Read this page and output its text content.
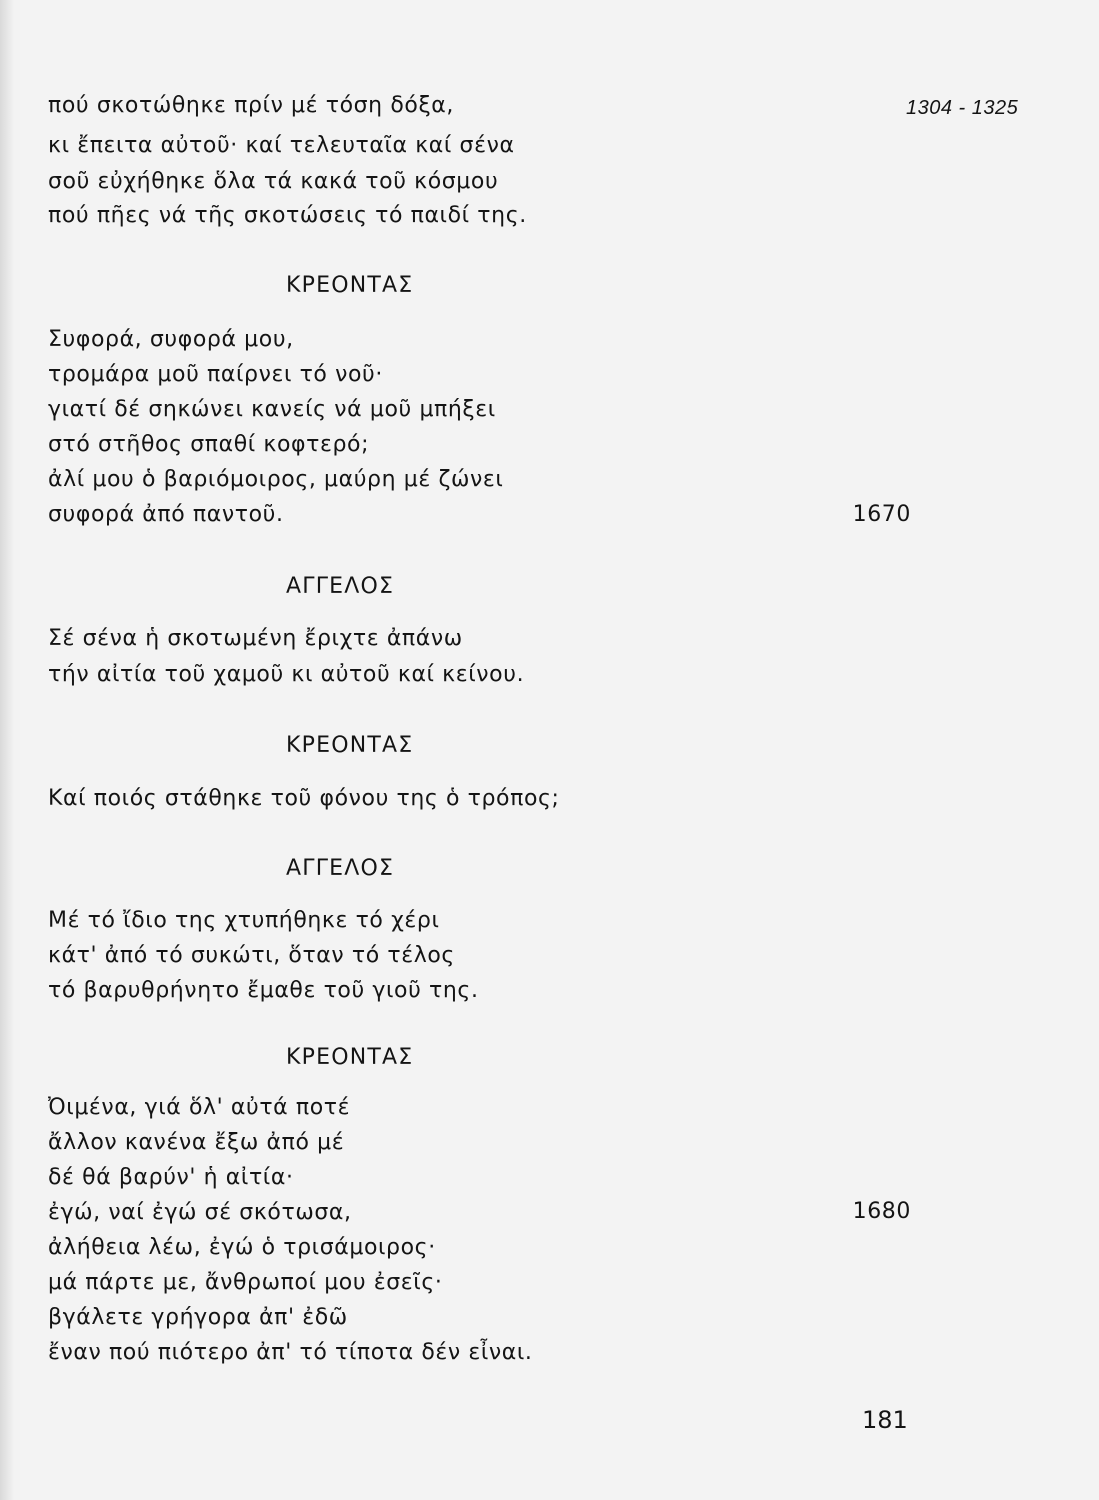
1304 - 1325
πού σκοτώθηκε πρίν μέ τόση δόξα,
κι ἔπειτα αὐτοῦ· καί τελευταῖα καί σένα
σοῦ εὐχήθηκε ὅλα τά κακά τοῦ κόσμου
πού πῆες νά τῆς σκοτώσεις τό παιδί της.
ΚΡΕΟΝΤΑΣ
Συφορά, συφορά μου,
τρομάρα μοῦ παίρνει τό νοῦ·
γιατί δέ σηκώνει κανείς νά μοῦ μπήξει
στό στῆθος σπαθί κοφτερό;
ἀλί μου ὁ βαριόμοιρος, μαύρη μέ ζώνει
συφορά ἀπό παντοῦ.	1670
ΑΓΓΕΛΟΣ
Σέ σένα ἡ σκοτωμένη ἔριχτε ἀπάνω
τήν αἰτία τοῦ χαμοῦ κι αὐτοῦ καί κείνου.
ΚΡΕΟΝΤΑΣ
Καί ποιός στάθηκε τοῦ φόνου της ὁ τρόπος;
ΑΓΓΕΛΟΣ
Μέ τό ἴδιο της χτυπήθηκε τό χέρι
κάτ' ἀπό τό συκώτι, ὅταν τό τέλος
τό βαρυθρήνητο ἔμαθε τοῦ γιοῦ της.
ΚΡΕΟΝΤΑΣ
Ὀιμένα, γιά ὅλ' αὐτά ποτέ
ἄλλον κανένα ἔξω ἀπό μέ
δέ θά βαρύν' ἡ αἰτία·
ἐγώ, ναί ἐγώ σέ σκότωσα,	1680
ἀλήθεια λέω, ἐγώ ὁ τρισάμοιρος·
μά πάρτε με, ἄνθρωποί μου ἐσεῖς·
βγάλετε γρήγορα ἀπ' ἐδῶ
ἔναν πού πιότερο ἀπ' τό τίποτα δέν εἶναι.
181
